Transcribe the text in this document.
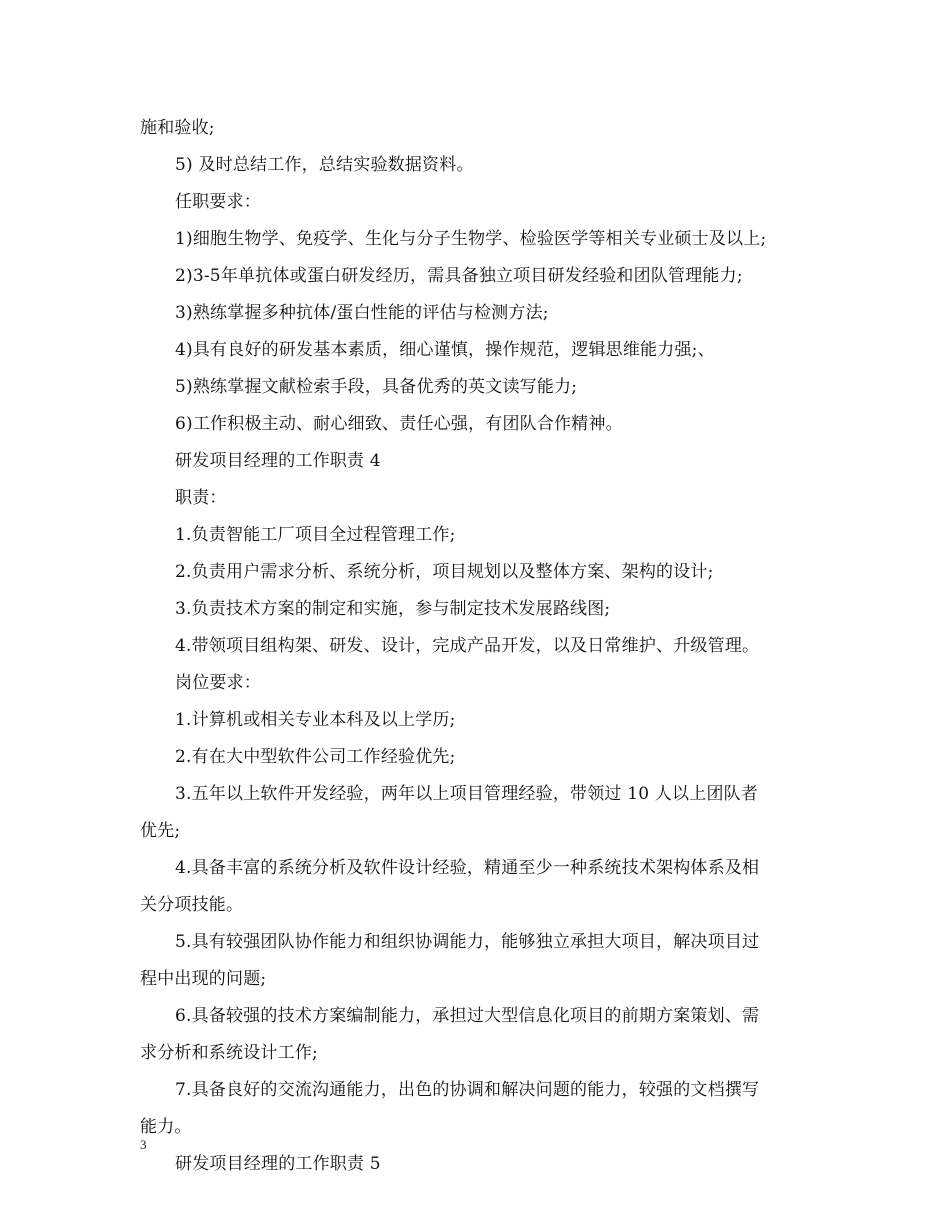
施和验收;
5) 及时总结工作，总结实验数据资料。
任职要求：
1)细胞生物学、免疫学、生化与分子生物学、检验医学等相关专业硕士及以上;
2)3-5年单抗体或蛋白研发经历，需具备独立项目研发经验和团队管理能力;
3)熟练掌握多种抗体/蛋白性能的评估与检测方法;
4)具有良好的研发基本素质，细心谨慎，操作规范，逻辑思维能力强;、
5)熟练掌握文献检索手段，具备优秀的英文读写能力;
6)工作积极主动、耐心细致、责任心强，有团队合作精神。
研发项目经理的工作职责 4
职责：
1.负责智能工厂项目全过程管理工作;
2.负责用户需求分析、系统分析，项目规划以及整体方案、架构的设计;
3.负责技术方案的制定和实施，参与制定技术发展路线图;
4.带领项目组构架、研发、设计，完成产品开发，以及日常维护、升级管理。
岗位要求：
1.计算机或相关专业本科及以上学历;
2.有在大中型软件公司工作经验优先;
3.五年以上软件开发经验，两年以上项目管理经验，带领过 10 人以上团队者
优先;
4.具备丰富的系统分析及软件设计经验，精通至少一种系统技术架构体系及相
关分项技能。
5.具有较强团队协作能力和组织协调能力，能够独立承担大项目，解决项目过
程中出现的问题;
6.具备较强的技术方案编制能力，承担过大型信息化项目的前期方案策划、需
求分析和系统设计工作;
7.具备良好的交流沟通能力，出色的协调和解决问题的能力，较强的文档撰写
能力。
研发项目经理的工作职责 5
3
